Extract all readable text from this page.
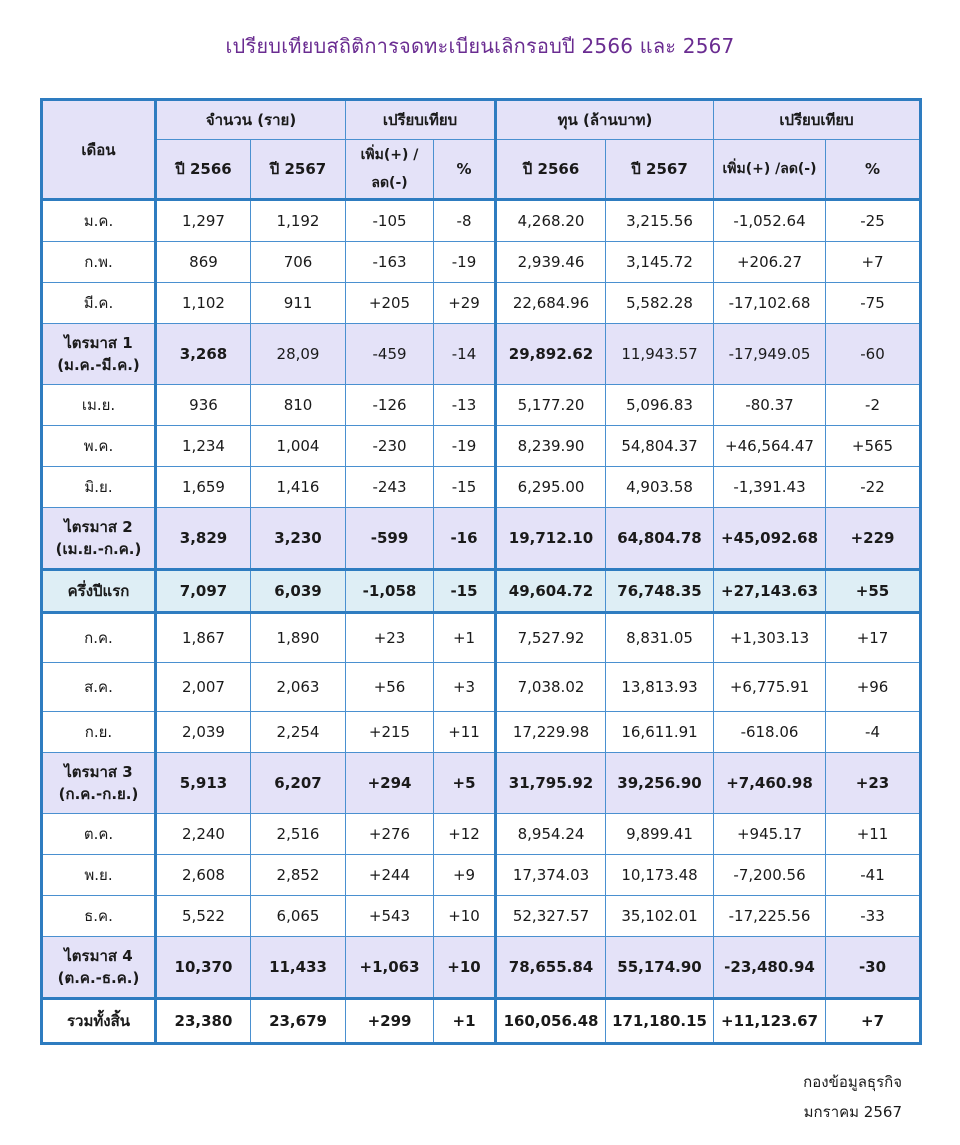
เปรียบเทียบสถิติการจดทะเบียนเลิกรอบปี 2566 และ 2567
เดือน	จำนวน (ราย)		เปรียบเทียบ		ทุน (ล้านบาท)		เปรียบเทียบ	
	ปี 2566	ปี 2567	เพิ่ม(+) /ลด(-)	%	ปี 2566	ปี 2567	เพิ่ม(+) /ลด(-)	%
ม.ค.	1,297	1,192	-105	-8	4,268.20	3,215.56	-1,052.64	-25
ก.พ.	869	706	-163	-19	2,939.46	3,145.72	+206.27	+7
มี.ค.	1,102	911	+205	+29	22,684.96	5,582.28	-17,102.68	-75
ไตรมาส 1 (ม.ค.-มี.ค.)	3,268	28,09	-459	-14	29,892.62	11,943.57	-17,949.05	-60
เม.ย.	936	810	-126	-13	5,177.20	5,096.83	-80.37	-2
พ.ค.	1,234	1,004	-230	-19	8,239.90	54,804.37	+46,564.47	+565
มิ.ย.	1,659	1,416	-243	-15	6,295.00	4,903.58	-1,391.43	-22
ไตรมาส 2 (เม.ย.-ก.ค.)	3,829	3,230	-599	-16	19,712.10	64,804.78	+45,092.68	+229
ครึ่งปีแรก	7,097	6,039	-1,058	-15	49,604.72	76,748.35	+27,143.63	+55
ก.ค.	1,867	1,890	+23	+1	7,527.92	8,831.05	+1,303.13	+17
ส.ค.	2,007	2,063	+56	+3	7,038.02	13,813.93	+6,775.91	+96
ก.ย.	2,039	2,254	+215	+11	17,229.98	16,611.91	-618.06	-4
ไตรมาส 3 (ก.ค.-ก.ย.)	5,913	6,207	+294	+5	31,795.92	39,256.90	+7,460.98	+23
ต.ค.	2,240	2,516	+276	+12	8,954.24	9,899.41	+945.17	+11
พ.ย.	2,608	2,852	+244	+9	17,374.03	10,173.48	-7,200.56	-41
ธ.ค.	5,522	6,065	+543	+10	52,327.57	35,102.01	-17,225.56	-33
ไตรมาส 4 (ต.ค.-ธ.ค.)	10,370	11,433	+1,063	+10	78,655.84	55,174.90	-23,480.94	-30
รวมทั้งสิ้น	23,380	23,679	+299	+1	160,056.48	171,180.15	+11,123.67	+7
กองข้อมูลธุรกิจ
มกราคม 2567
